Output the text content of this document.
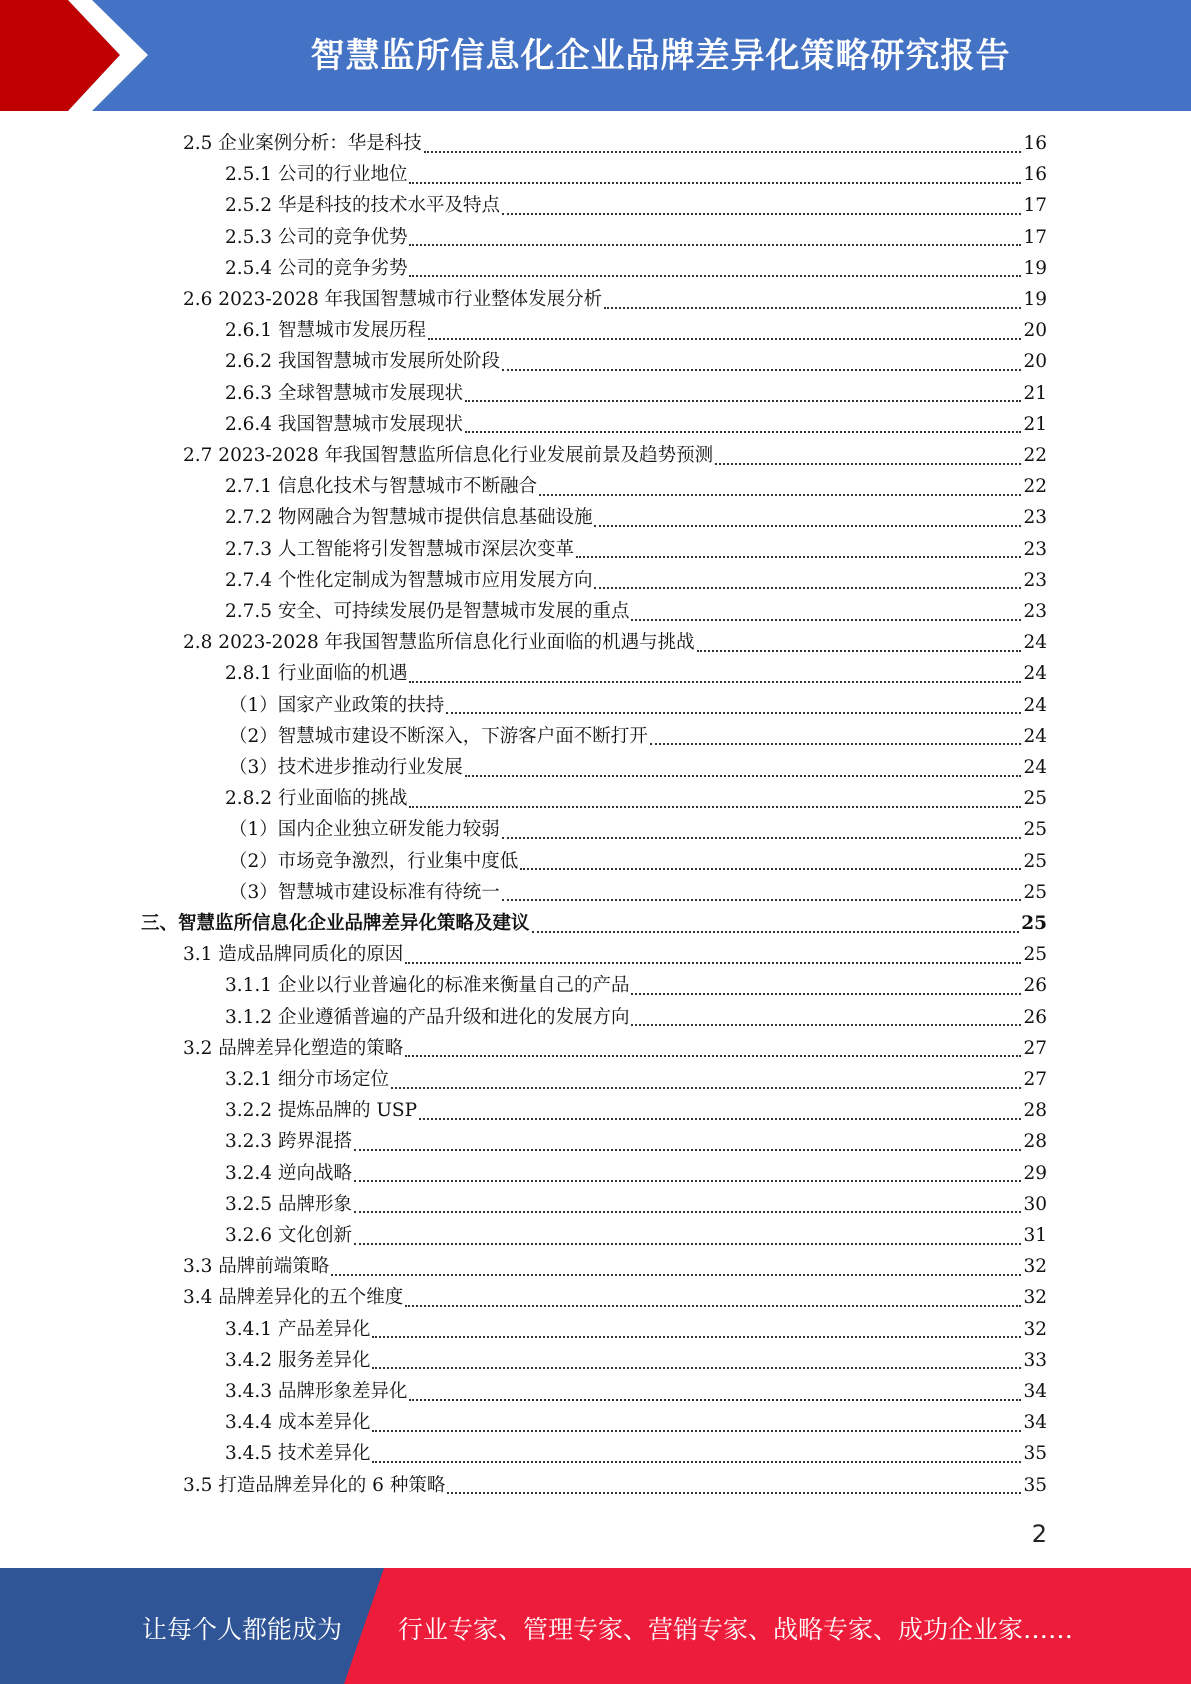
智慧监所信息化企业品牌差异化策略研究报告
2.5 企业案例分析：华是科技	16
2.5.1 公司的行业地位	16
2.5.2 华是科技的技术水平及特点	17
2.5.3 公司的竞争优势	17
2.5.4 公司的竞争劣势	19
2.6 2023-2028 年我国智慧城市行业整体发展分析	19
2.6.1 智慧城市发展历程	20
2.6.2 我国智慧城市发展所处阶段	20
2.6.3 全球智慧城市发展现状	21
2.6.4 我国智慧城市发展现状	21
2.7 2023-2028 年我国智慧监所信息化行业发展前景及趋势预测	22
2.7.1 信息化技术与智慧城市不断融合	22
2.7.2 物网融合为智慧城市提供信息基础设施	23
2.7.3 人工智能将引发智慧城市深层次变革	23
2.7.4 个性化定制成为智慧城市应用发展方向	23
2.7.5 安全、可持续发展仍是智慧城市发展的重点	23
2.8 2023-2028 年我国智慧监所信息化行业面临的机遇与挑战	24
2.8.1 行业面临的机遇	24
（1）国家产业政策的扶持	24
（2）智慧城市建设不断深入，下游客户面不断打开	24
（3）技术进步推动行业发展	24
2.8.2 行业面临的挑战	25
（1）国内企业独立研发能力较弱	25
（2）市场竞争激烈，行业集中度低	25
（3）智慧城市建设标准有待统一	25
三、智慧监所信息化企业品牌差异化策略及建议	25
3.1 造成品牌同质化的原因	25
3.1.1 企业以行业普遍化的标准来衡量自己的产品	26
3.1.2 企业遵循普遍的产品升级和进化的发展方向	26
3.2 品牌差异化塑造的策略	27
3.2.1 细分市场定位	27
3.2.2 提炼品牌的 USP	28
3.2.3 跨界混搭	28
3.2.4 逆向战略	29
3.2.5 品牌形象	30
3.2.6 文化创新	31
3.3 品牌前端策略	32
3.4 品牌差异化的五个维度	32
3.4.1 产品差异化	32
3.4.2 服务差异化	33
3.4.3 品牌形象差异化	34
3.4.4 成本差异化	34
3.4.5 技术差异化	35
3.5 打造品牌差异化的 6 种策略	35
2
让每个人都能成为 行业专家、管理专家、营销专家、战略专家、成功企业家……
